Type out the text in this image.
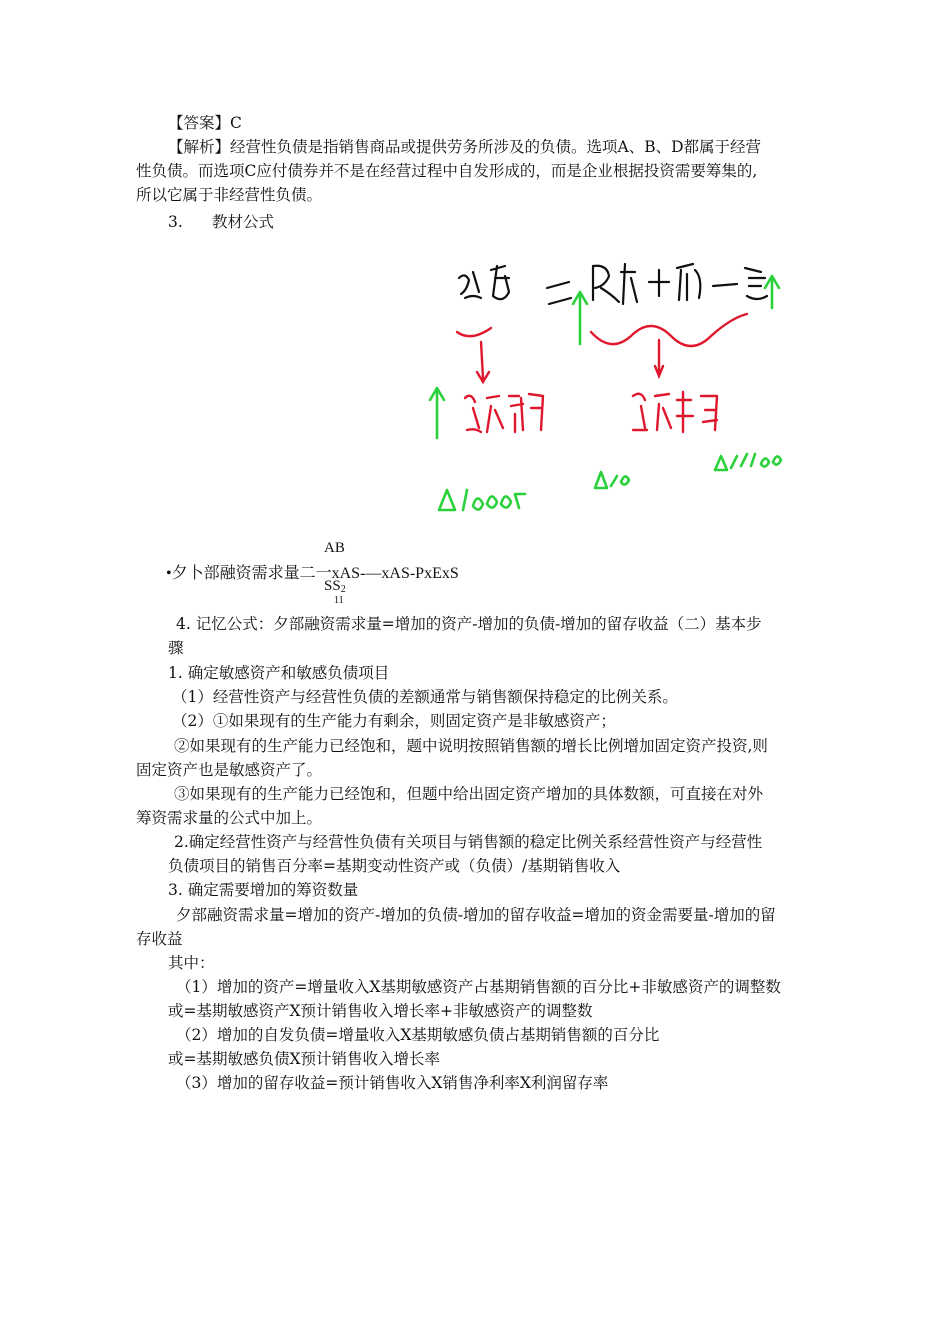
【答案】C
【解析】经营性负债是指销售商品或提供劳务所涉及的负债。选项A、B、D都属于经营
性负债。而选项C应付债券并不是在经营过程中自发形成的，而是企业根据投资需要筹集的,
所以它属于非经营性负债。
3. 教材公式
AB
•夕卜部融资需求量二一xAS-—xAS-PxExS
SS2
11
4. 记忆公式：夕部融资需求量=增加的资产-增加的负债-增加的留存收益（二）基本步
骤
1. 确定敏感资产和敏感负债项目
（1）经营性资产与经营性负债的差额通常与销售额保持稳定的比例关系。
（2）①如果现有的生产能力有剩余，则固定资产是非敏感资产；
②如果现有的生产能力已经饱和，题中说明按照销售额的增长比例增加固定资产投资,则
固定资产也是敏感资产了。
③如果现有的生产能力已经饱和，但题中给出固定资产增加的具体数额，可直接在对外
筹资需求量的公式中加上。
2.确定经营性资产与经营性负债有关项目与销售额的稳定比例关系经营性资产与经营性
负债项目的销售百分率=基期变动性资产或（负债）/基期销售收入
3. 确定需要增加的筹资数量
夕部融资需求量=增加的资产-增加的负债-增加的留存收益=增加的资金需要量-增加的留
存收益
其中：
（1）增加的资产=增量收入X基期敏感资产占基期销售额的百分比+非敏感资产的调整数
或=基期敏感资产X预计销售收入增长率+非敏感资产的调整数
（2）增加的自发负债=增量收入X基期敏感负债占基期销售额的百分比
或=基期敏感负债X预计销售收入增长率
（3）增加的留存收益=预计销售收入X销售净利率X利润留存率
